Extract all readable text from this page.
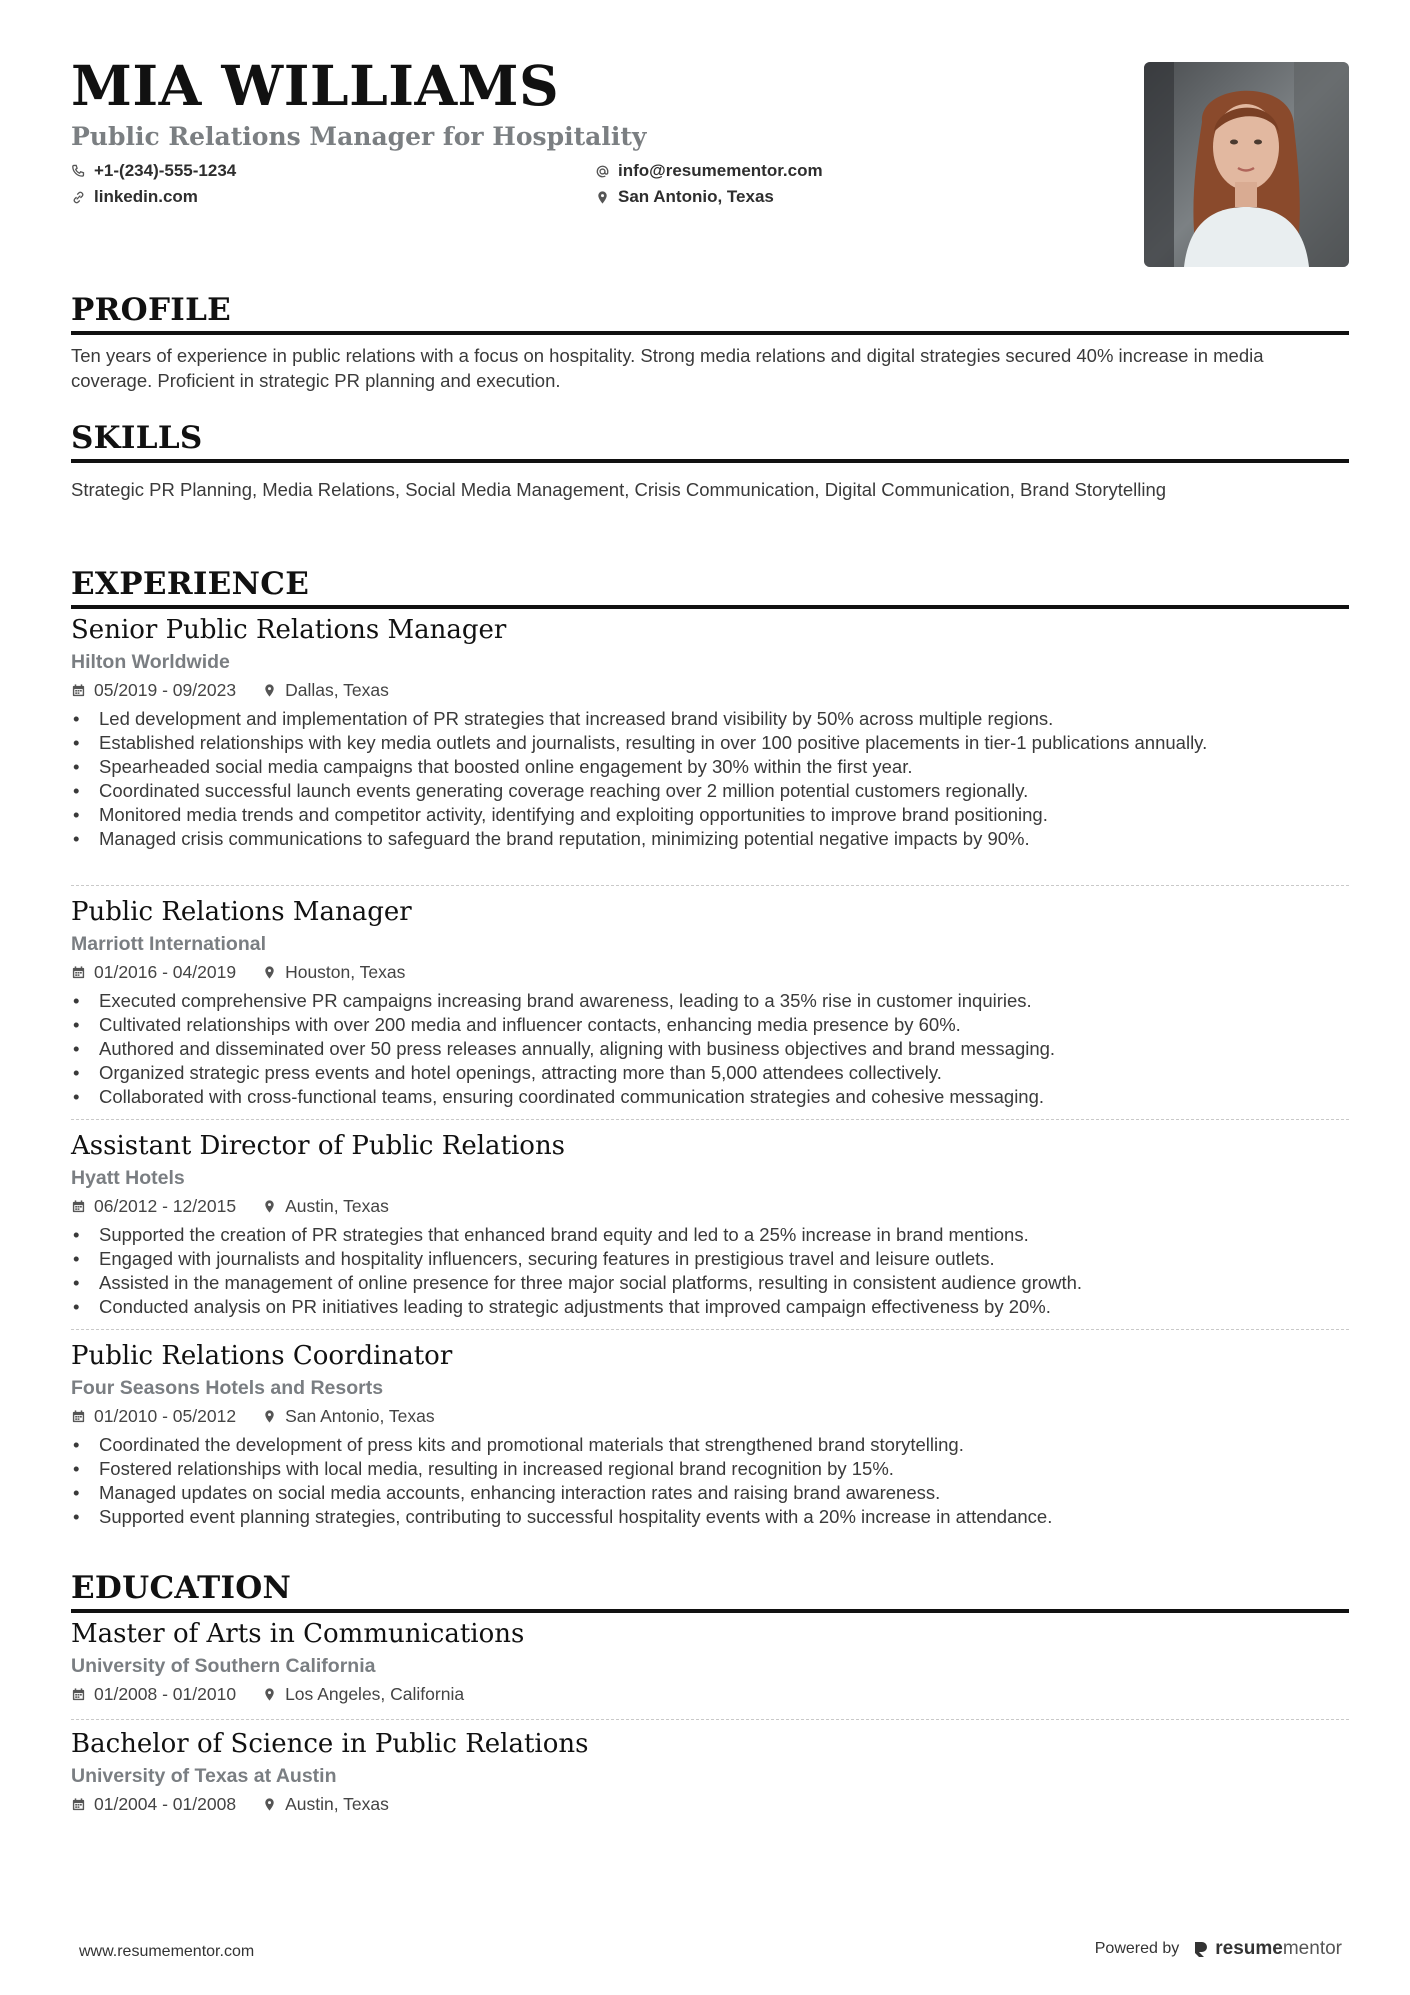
MIA WILLIAMS
Public Relations Manager for Hospitality
+1-(234)-555-1234
linkedin.com
info@resumementor.com
San Antonio, Texas
PROFILE

Ten years of experience in public relations with a focus on hospitality. Strong media relations and digital strategies secured 40% increase in media coverage. Proficient in strategic PR planning and execution.

SKILLS

Strategic PR Planning, Media Relations, Social Media Management, Crisis Communication, Digital Communication, Brand Storytelling

EXPERIENCE
Senior Public Relations Manager
Hilton Worldwide
05/2019 - 09/2023	Dallas, Texas
• Led development and implementation of PR strategies that increased brand visibility by 50% across multiple regions.
• Established relationships with key media outlets and journalists, resulting in over 100 positive placements in tier-1 publications annually.
• Spearheaded social media campaigns that boosted online engagement by 30% within the first year.
• Coordinated successful launch events generating coverage reaching over 2 million potential customers regionally.
• Monitored media trends and competitor activity, identifying and exploiting opportunities to improve brand positioning.
• Managed crisis communications to safeguard the brand reputation, minimizing potential negative impacts by 90%.
Public Relations Manager
Marriott International
01/2016 - 04/2019	Houston, Texas
• Executed comprehensive PR campaigns increasing brand awareness, leading to a 35% rise in customer inquiries.
• Cultivated relationships with over 200 media and influencer contacts, enhancing media presence by 60%.
• Authored and disseminated over 50 press releases annually, aligning with business objectives and brand messaging.
• Organized strategic press events and hotel openings, attracting more than 5,000 attendees collectively.
• Collaborated with cross-functional teams, ensuring coordinated communication strategies and cohesive messaging.
Assistant Director of Public Relations
Hyatt Hotels
06/2012 - 12/2015	Austin, Texas
• Supported the creation of PR strategies that enhanced brand equity and led to a 25% increase in brand mentions.
• Engaged with journalists and hospitality influencers, securing features in prestigious travel and leisure outlets.
• Assisted in the management of online presence for three major social platforms, resulting in consistent audience growth.
• Conducted analysis on PR initiatives leading to strategic adjustments that improved campaign effectiveness by 20%.
Public Relations Coordinator
Four Seasons Hotels and Resorts
01/2010 - 05/2012	San Antonio, Texas
• Coordinated the development of press kits and promotional materials that strengthened brand storytelling.
• Fostered relationships with local media, resulting in increased regional brand recognition by 15%.
• Managed updates on social media accounts, enhancing interaction rates and raising brand awareness.
• Supported event planning strategies, contributing to successful hospitality events with a 20% increase in attendance.
EDUCATION
Master of Arts in Communications
University of Southern California
01/2008 - 01/2010	Los Angeles, California
Bachelor of Science in Public Relations
University of Texas at Austin
01/2004 - 01/2008	Austin, Texas
www.resumementor.com	Powered by resumementor
